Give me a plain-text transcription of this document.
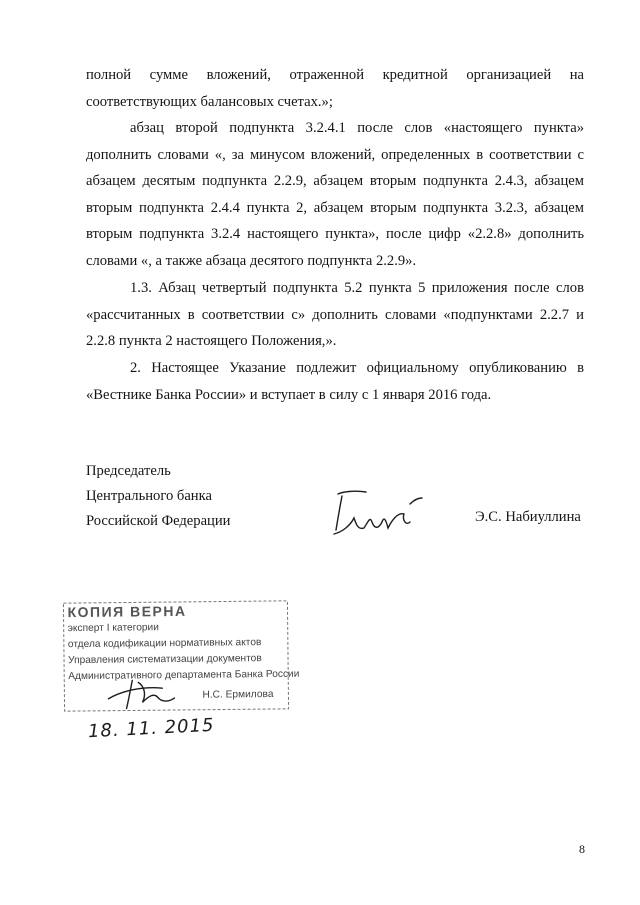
полной сумме вложений, отраженной кредитной организацией на соответствующих балансовых счетах.»;

абзац второй подпункта 3.2.4.1 после слов «настоящего пункта» дополнить словами «, за минусом вложений, определенных в соответствии с абзацем десятым подпункта 2.2.9, абзацем вторым подпункта 2.4.3, абзацем вторым подпункта 2.4.4 пункта 2, абзацем вторым подпункта 3.2.3, абзацем вторым подпункта 3.2.4 настоящего пункта», после цифр «2.2.8» дополнить словами «, а также абзаца десятого подпункта 2.2.9».

1.3. Абзац четвертый подпункта 5.2 пункта 5 приложения после слов «рассчитанных в соответствии с» дополнить словами «подпунктами 2.2.7 и 2.2.8 пункта 2 настоящего Положения,».

2. Настоящее Указание подлежит официальному опубликованию в «Вестнике Банка России» и вступает в силу с 1 января 2016 года.

Председатель
Центрального банка
Российской Федерации	Э.С. Набиуллина
КОПИЯ ВЕРНА
эксперт I категории
отдела кодификации нормативных актов
Управления систематизации документов
Административного департамента Банка России
Н.С. Ермилова
18. 11. 2015
8
